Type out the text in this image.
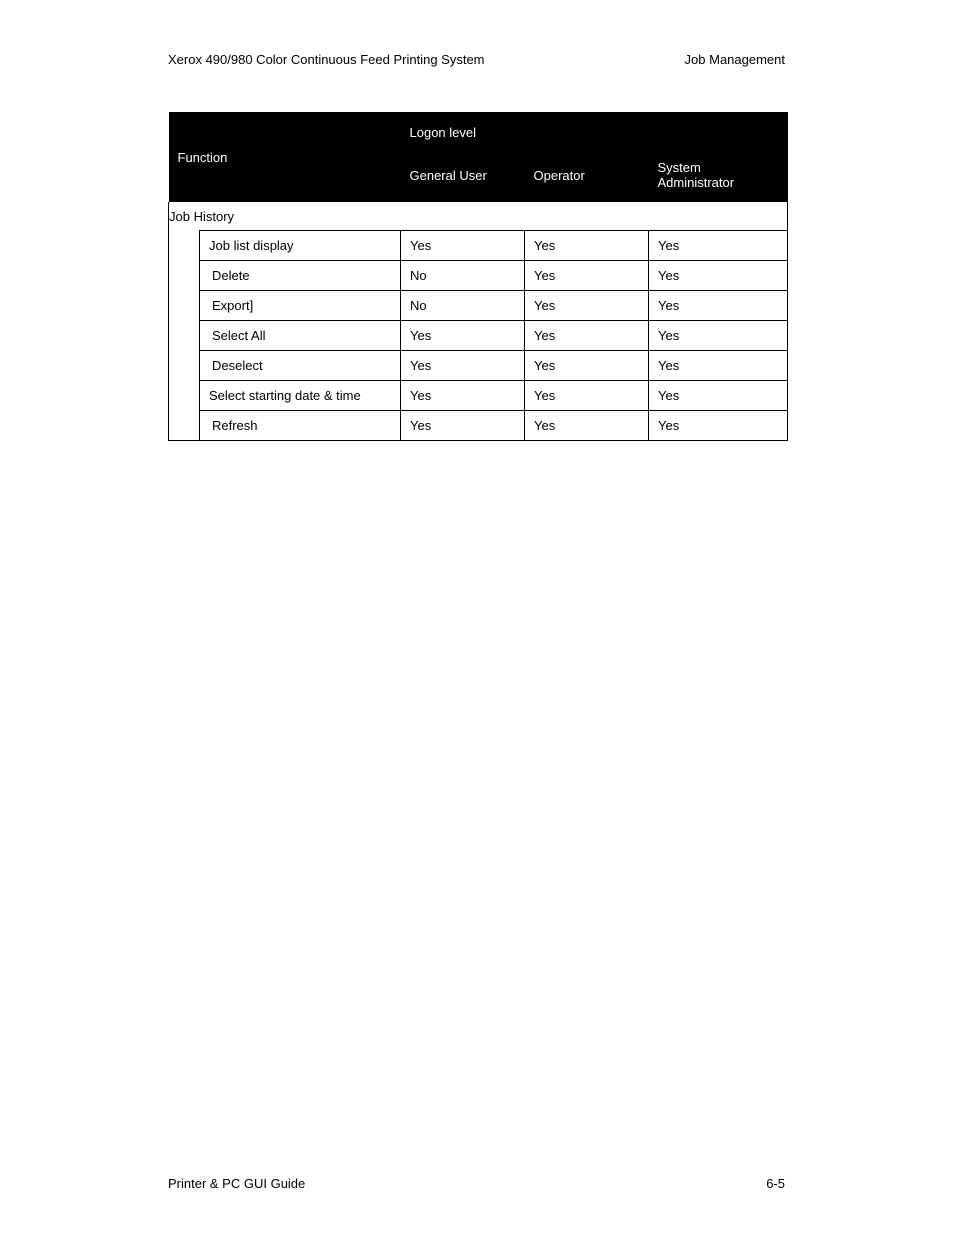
Xerox 490/980 Color Continuous Feed Printing System	Job Management
Function		Logon level		

		General User	Operator	System
Administrator

Job History				
	Job list display	Yes	Yes	Yes
	Delete	No	Yes	Yes
	Export]	No	Yes	Yes
	Select All	Yes	Yes	Yes
	Deselect	Yes	Yes	Yes
	Select starting date & time	Yes	Yes	Yes
	Refresh	Yes	Yes	Yes
Printer & PC GUI Guide	6-5
